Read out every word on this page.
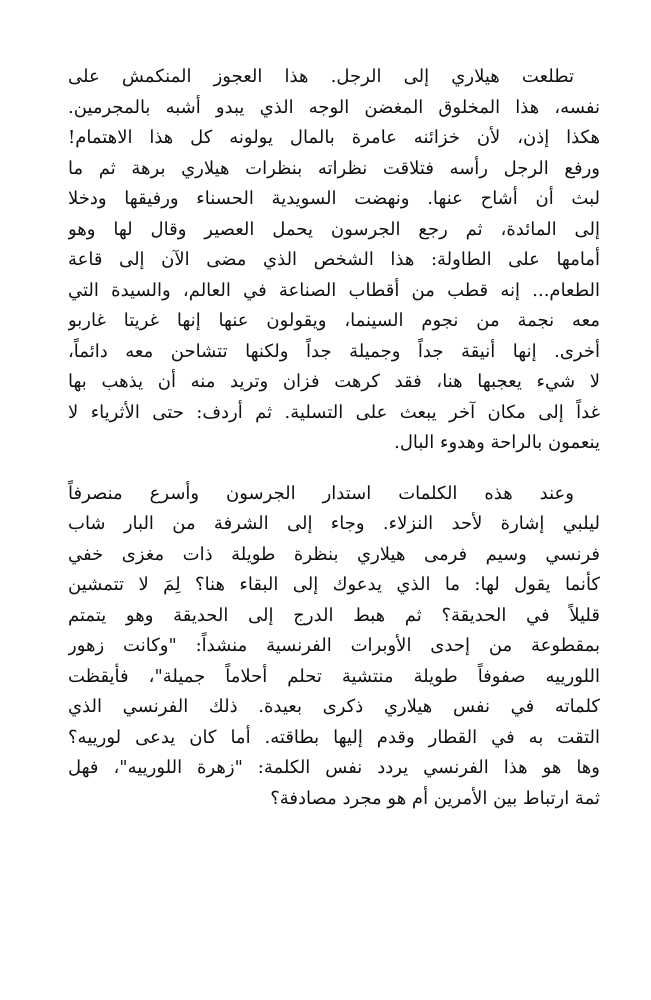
تطلعت هيلاري إلى الرجل. هذا العجوز المنكمش على
نفسه، هذا المخلوق المغضن الوجه الذي يبدو أشبه بالمجرمين.
هكذا إذن، لأن خزائنه عامرة بالمال يولونه كل هذا الاهتمام!
ورفع الرجل رأسه فتلاقت نظراته بنظرات هيلاري برهة ثم ما
لبث أن أشاح عنها. ونهضت السويدية الحسناء ورفيقها ودخلا
إلى المائدة، ثم رجع الجرسون يحمل العصير وقال لها وهو
أمامها على الطاولة: هذا الشخص الذي مضى الآن إلى قاعة
الطعام... إنه قطب من أقطاب الصناعة في العالم، والسيدة التي
معه نجمة من نجوم السينما، ويقولون عنها إنها غريتا غاربو
أخرى. إنها أنيقة جداً وجميلة جداً ولكنها تتشاحن معه دائماً،
لا شيء يعجبها هنا، فقد كرهت فزان وتريد منه أن يذهب بها
غداً إلى مكان آخر يبعث على التسلية. ثم أردف: حتى الأثرياء لا
ينعمون بالراحة وهدوء البال.
وعند هذه الكلمات استدار الجرسون وأسرع منصرفاً
ليلبي إشارة لأحد النزلاء. وجاء إلى الشرفة من البار شاب
فرنسي وسيم فرمى هيلاري بنظرة طويلة ذات مغزى خفي
كأنما يقول لها: ما الذي يدعوك إلى البقاء هنا؟ لِمَ لا تتمشين
قليلاً في الحديقة؟ ثم هبط الدرج إلى الحديقة وهو يتمتم
بمقطوعة من إحدى الأوبرات الفرنسية منشداً: "وكانت زهور
اللورييه صفوفاً طويلة منتشية تحلم أحلاماً جميلة"، فأيقظت
كلماته في نفس هيلاري ذكرى بعيدة. ذلك الفرنسي الذي
التقت به في القطار وقدم إليها بطاقته. أما كان يدعى لورييه؟
وها هو هذا الفرنسي يردد نفس الكلمة: "زهرة اللورييه"، فهل
ثمة ارتباط بين الأمرين أم هو مجرد مصادفة؟
